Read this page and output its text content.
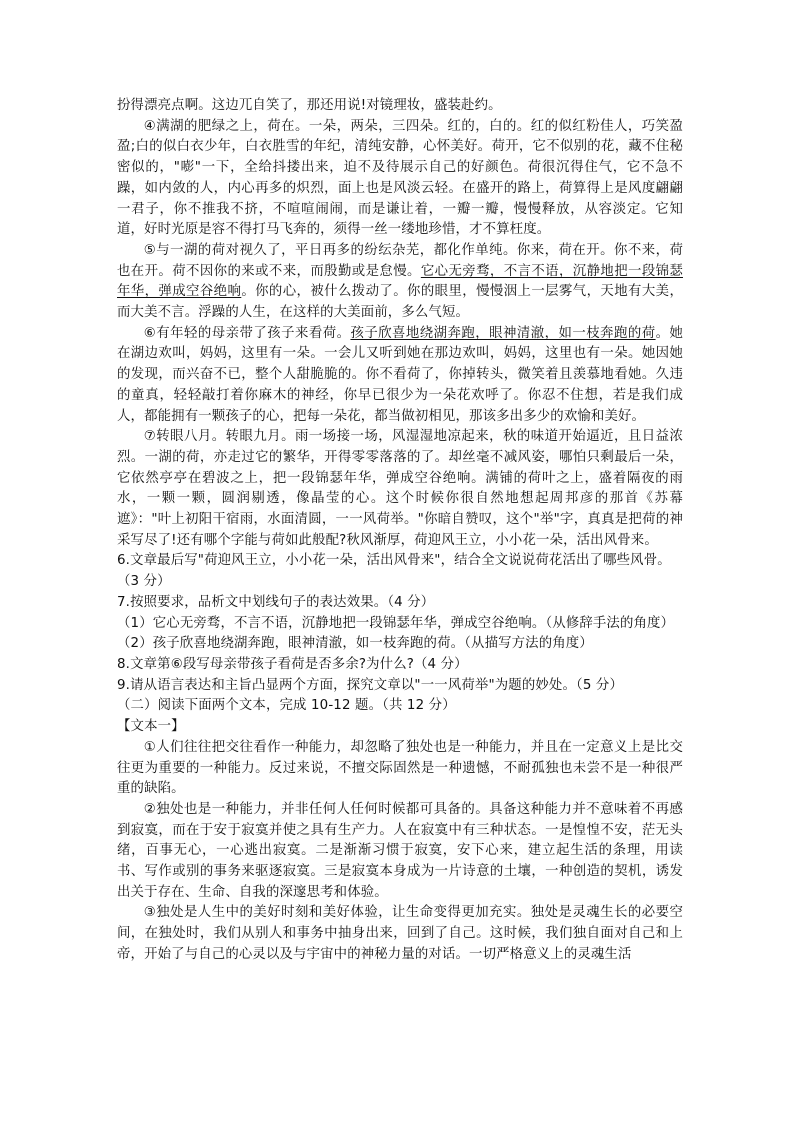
扮得漂亮点啊。这边兀自笑了，那还用说!对镜理妆，盛装赴约。

④满湖的肥绿之上，荷在。一朵，两朵，三四朵。红的，白的。红的似红粉佳人，巧笑盈盈;白的似白衣少年，白衣胜雪的年纪，清纯安静，心怀美好。荷开，它不似别的花，藏不住秘密似的，"嘭"一下，全给抖搂出来，迫不及待展示自己的好颜色。荷很沉得住气，它不急不躁，如内敛的人，内心再多的炽烈，面上也是风淡云轻。在盛开的路上，荷算得上是风度翩翩一君子，你不推我不挤，不喧喧闹闹，而是谦让着，一瓣一瓣，慢慢释放，从容淡定。它知道，好时光原是容不得打马飞奔的，须得一丝一缕地珍惜，才不算枉度。

⑤与一湖的荷对视久了，平日再多的纷纭杂芜，都化作单纯。你来，荷在开。你不来，荷也在开。荷不因你的来或不来，而殷勤或是怠慢。它心无旁骛，不言不语，沉静地把一段锦瑟年华，弹成空谷绝响。你的心，被什么拨动了。你的眼里，慢慢洇上一层雾气，天地有大美，而大美不言。浮躁的人生，在这样的大美面前，多么气短。

⑥有年轻的母亲带了孩子来看荷。孩子欣喜地绕湖奔跑，眼神清澈，如一枝奔跑的荷。她在湖边欢叫，妈妈，这里有一朵。一会儿又听到她在那边欢叫，妈妈，这里也有一朵。她因她的发现，而兴奋不已，整个人甜脆脆的。你不看荷了，你掉转头，微笑着且羡慕地看她。久违的童真，轻轻敲打着你麻木的神经，你早已很少为一朵花欢呼了。你忍不住想，若是我们成人，都能拥有一颗孩子的心，把每一朵花，都当做初相见，那该多出多少的欢愉和美好。

⑦转眼八月。转眼九月。雨一场接一场，风湿湿地凉起来，秋的味道开始逼近，且日益浓烈。一湖的荷，亦走过它的繁华，开得零零落落的了。却丝毫不减风姿，哪怕只剩最后一朵，它依然亭亭在碧波之上，把一段锦瑟年华，弹成空谷绝响。满铺的荷叶之上，盛着隔夜的雨水，一颗一颗，圆润剔透，像晶莹的心。这个时候你很自然地想起周邦彦的那首《苏幕遮》："叶上初阳干宿雨，水面清圆，一一风荷举。"你暗自赞叹，这个"举"字，真真是把荷的神采写尽了!还有哪个字能与荷如此般配?秋风渐厚，荷迎风王立，小小花一朵，活出风骨来。

6.文章最后写"荷迎风王立，小小花一朵，活出风骨来"，结合全文说说荷花活出了哪些风骨。（3 分）

7.按照要求，品析文中划线句子的表达效果。（4 分）

（1）它心无旁骛，不言不语，沉静地把一段锦瑟年华，弹成空谷绝响。（从修辞手法的角度）

（2）孩子欣喜地绕湖奔跑，眼神清澈，如一枝奔跑的荷。（从描写方法的角度）

8.文章第⑥段写母亲带孩子看荷是否多余?为什么?（4 分）

9.请从语言表达和主旨凸显两个方面，探究文章以"一一风荷举"为题的妙处。（5 分）

（二）阅读下面两个文本，完成 10-12 题。（共 12 分）

【文本一】

①人们往往把交往看作一种能力，却忽略了独处也是一种能力，并且在一定意义上是比交往更为重要的一种能力。反过来说，不擅交际固然是一种遗憾，不耐孤独也未尝不是一种很严重的缺陷。

②独处也是一种能力，并非任何人任何时候都可具备的。具备这种能力并不意味着不再感到寂寞，而在于安于寂寞并使之具有生产力。人在寂寞中有三种状态。一是惶惶不安，茫无头绪，百事无心，一心逃出寂寞。二是渐渐习惯于寂寞，安下心来，建立起生活的条理，用读书、写作或别的事务来驱逐寂寞。三是寂寞本身成为一片诗意的土壤，一种创造的契机，诱发出关于存在、生命、自我的深邃思考和体验。

③独处是人生中的美好时刻和美好体验，让生命变得更加充实。独处是灵魂生长的必要空间，在独处时，我们从别人和事务中抽身出来，回到了自己。这时候，我们独自面对自己和上帝，开始了与自己的心灵以及与宇宙中的神秘力量的对话。一切严格意义上的灵魂生活
